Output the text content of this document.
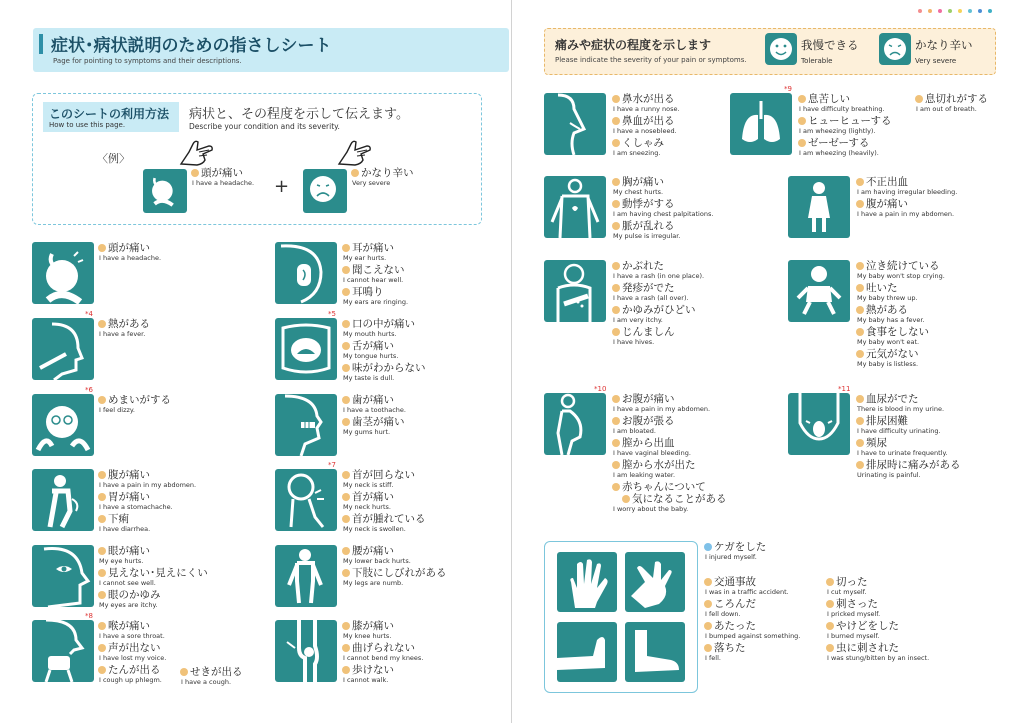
症状･病状説明のための指さしシート
Page for pointing to symptoms and their descriptions.
このシートの利用方法
How to use this page.
病状と、その程度を示して伝えます。
Describe your condition and its severity.
〈例〉
頭が痛い
I have a headache.	+
かなり辛い
Very severe
頭が痛い
I have a headache.
*4
熱がある
I have a fever.
*6
めまいがする
I feel dizzy.
腹が痛い
I have a pain in my abdomen.
胃が痛い
I have a stomachache.
下痢
I have diarrhea.
眼が痛い
My eye hurts.
見えない･見えにくい
I cannot see well.
眼のかゆみ
My eyes are itchy.
*8
喉が痛い
I have a sore throat.
声が出ない
I have lost my voice.
たんが出る
I cough up phlegm.
せきが出る
I have a cough.
耳が痛い
My ear hurts.
聞こえない
I cannot hear well.
耳鳴り
My ears are ringing.
*5
口の中が痛い
My mouth hurts.
舌が痛い
My tongue hurts.
味がわからない
My taste is dull.
歯が痛い
I have a toothache.
歯茎が痛い
My gums hurt.
*7
首が回らない
My neck is stiff.
首が痛い
My neck hurts.
首が腫れている
My neck is swollen.
腰が痛い
My lower back hurts.
下肢にしびれがある
My legs are numb.
膝が痛い
My knee hurts.
曲げられない
I cannot bend my knees.
歩けない
I cannot walk.
痛みや症状の程度を示します
Please indicate the severity of your pain or symptoms.
我慢できる
Tolerable
かなり辛い
Very severe
*9
*10	*11
鼻水が出る
I have a runny nose.
鼻血が出る
I have a nosebleed.
くしゃみ
I am sneezing.
胸が痛い
My chest hurts.
動悸がする
I am having chest palpitations.
脈が乱れる
My pulse is irregular.
かぶれた
I have a rash (in one place).
発疹がでた
I have a rash (all over).
かゆみがひどい
I am very itchy.
じんましん
I have hives.
お腹が痛い
I have a pain in my abdomen.
お腹が張る
I am bloated.
膣から出血
I have vaginal bleeding.
膣から水が出た
I am leaking water.
赤ちゃんについて
気になることがある
I worry about the baby.
息苦しい
I have difficulty breathing.
ヒューヒューする
I am wheezing (lightly).
ゼーゼーする
I am wheezing (heavily).
息切れがする
I am out of breath.
不正出血
I am having irregular bleeding.
腹が痛い
I have a pain in my abdomen.
泣き続けている
My baby won't stop crying.
吐いた
My baby threw up.
熱がある
My baby has a fever.
食事をしない
My baby won't eat.
元気がない
My baby is listless.
血尿がでた
There is blood in my urine.
排尿困難
I have difficulty urinating.
頻尿
I have to urinate frequently.
排尿時に痛みがある
Urinating is painful.
ケガをした
I injured myself.
交通事故
I was in a traffic accident.
ころんだ
I fell down.
あたった
I bumped against something.
落ちた
I fell.
切った
I cut myself.
刺さった
I pricked myself.
やけどをした
I burned myself.
虫に刺された
I was stung/bitten by an insect.
